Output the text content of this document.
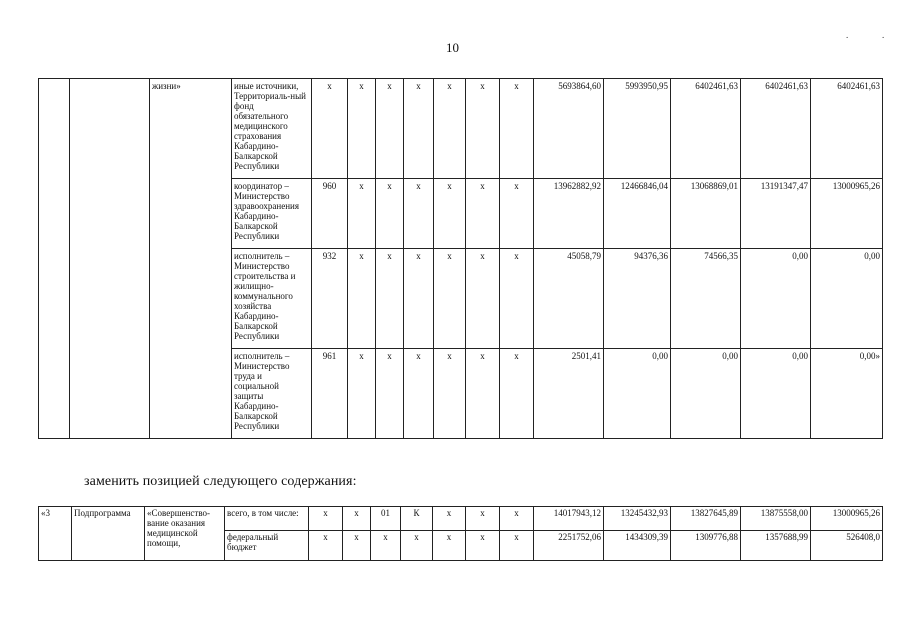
10
.	.
		жизни»	иные источники, Территориаль-ный фонд обязательного медицинского страхования Кабардино-Балкарской Республики	x	x	x	x	x	x	x	5693864,60	5993950,95	6402461,63	6402461,63	6402461,63
			координатор – Министерство здравоохранения Кабардино-Балкарской Республики	960	x	x	x	x	x	x	13962882,92	12466846,04	13068869,01	13191347,47	13000965,26
			исполнитель – Министерство строительства и жилищно-коммунального хозяйства Кабардино-Балкарской Республики	932	x	x	x	x	x	x	45058,79	94376,36	74566,35	0,00	0,00
			исполнитель – Министерство труда и социальной защиты Кабардино-Балкарской Республики	961	x	x	x	x	x	x	2501,41	0,00	0,00	0,00	0,00»
заменить позицией следующего содержания:
«3	Подпрограмма	«Совершенство-вание оказания медицинской помощи,	всего, в том числе:	x	x	01	К	x	x	x	14017943,12	13245432,93	13827645,89	13875558,00	13000965,26
			федеральный бюджет	x	x	x	x	x	x	x	2251752,06	1434309,39	1309776,88	1357688,99	526408,0
